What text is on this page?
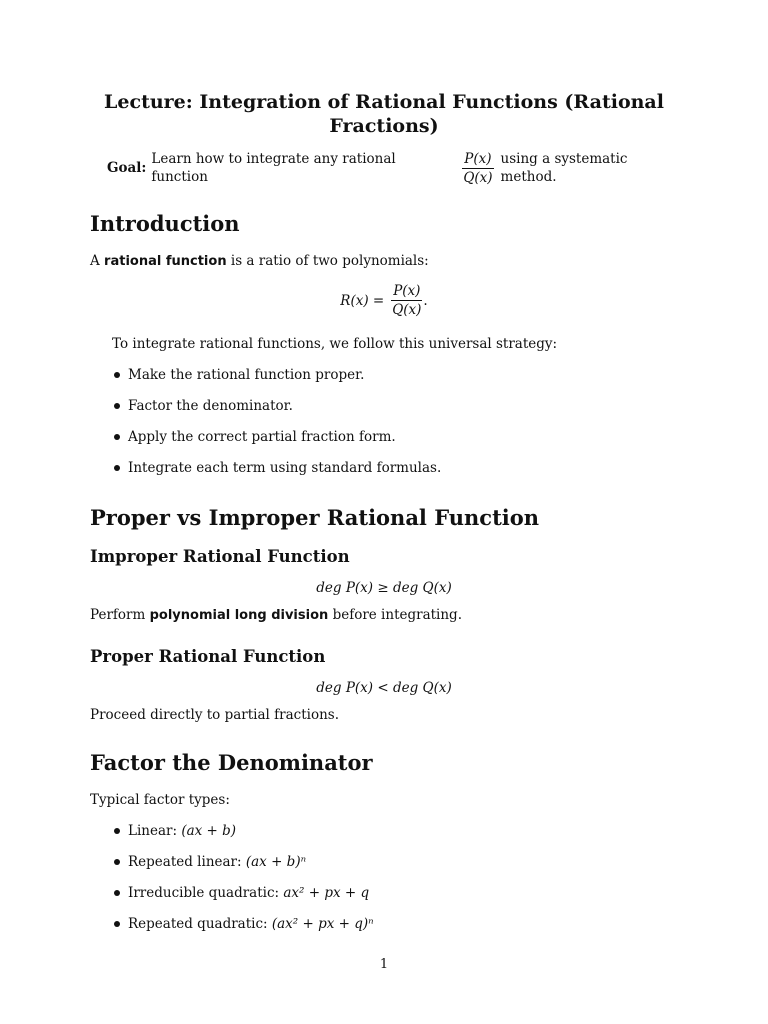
Lecture: Integration of Rational Functions (Rational Fractions)
Goal:
Learn how to integrate any rational function	$\frac{P(x)}{Q(x)}$ using a systematic method.
Introduction

A rational function is a ratio of two polynomials:

$R(x) = \frac{P(x)}{Q(x)}$ .

To integrate rational functions, we follow this universal strategy:

Make the rational function proper.
Factor the denominator.
Apply the correct partial fraction form.
Integrate each term using standard formulas.
Proper vs Improper Rational Function
Improper Rational Function
deg P(x) ≥ deg Q(x)

Perform polynomial long division before integrating.

Proper Rational Function
deg P(x) < deg Q(x)

Proceed directly to partial fractions.

Factor the Denominator

Typical factor types:

Linear: (ax + b)
Repeated linear: (ax + b)ⁿ
Irreducible quadratic: ax² + px + q
Repeated quadratic: (ax² + px + q)ⁿ
1
